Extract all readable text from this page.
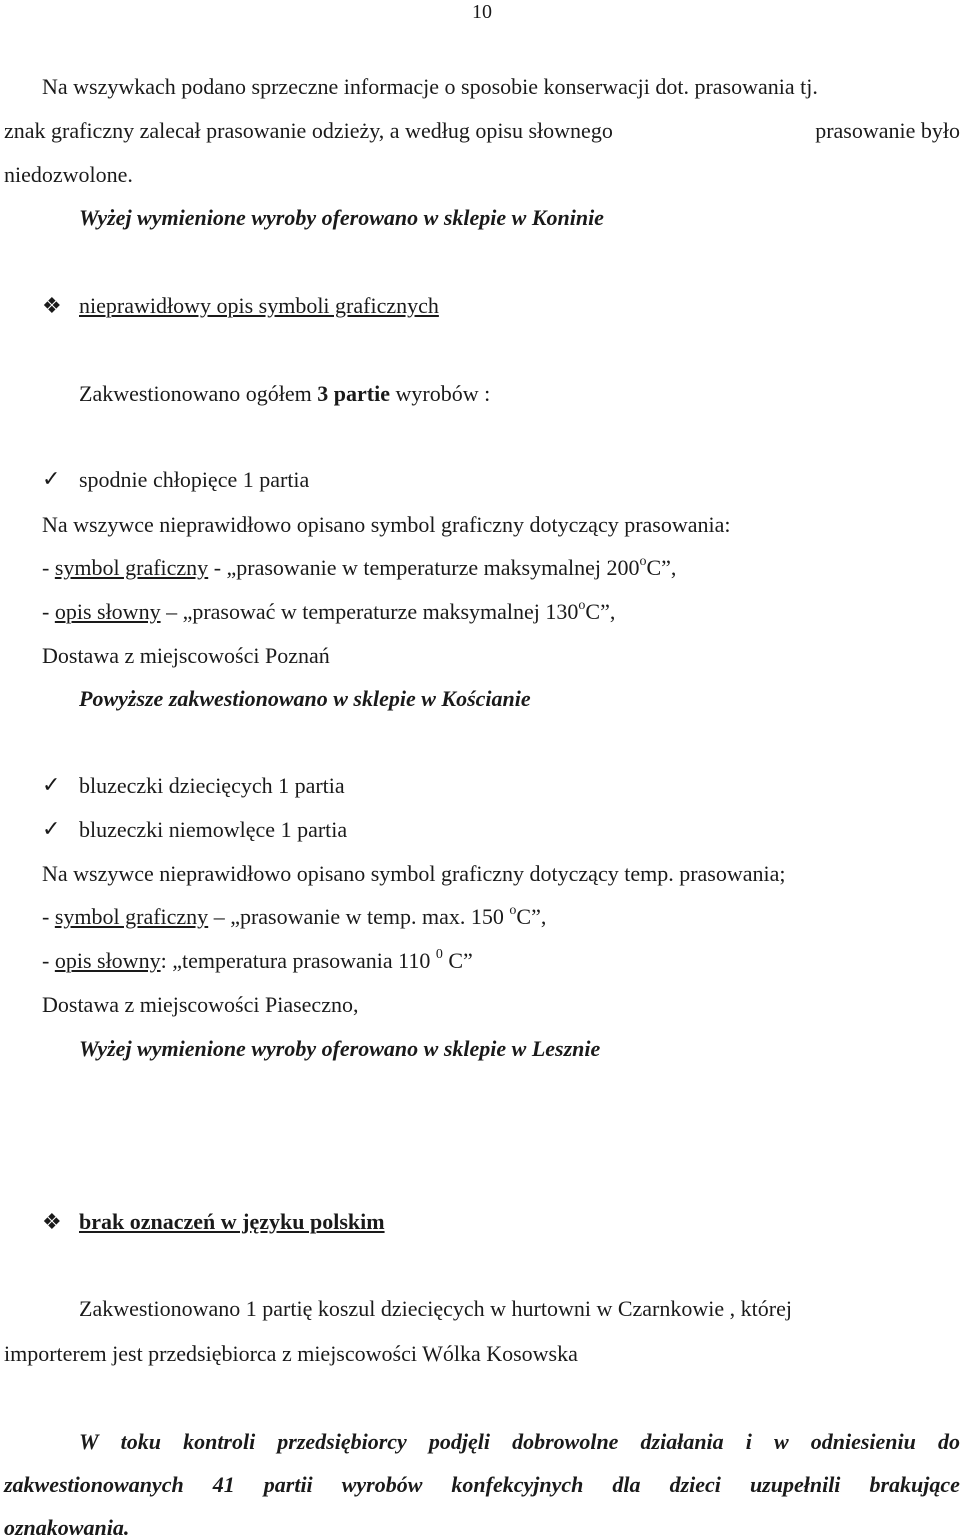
10
Na wszywkach podano sprzeczne informacje o sposobie konserwacji dot. prasowania tj.
znak graficzny zalecał prasowanie odzieży, a według opisu słownego	prasowanie było
niedozwolone.
Wyżej wymienione wyroby oferowano w sklepie w Koninie
❖ nieprawidłowy opis symboli graficznych
Zakwestionowano ogółem 3 partie wyrobów :
✓ spodnie chłopięce 1 partia
Na wszywce nieprawidłowo opisano symbol graficzny dotyczący prasowania:
- symbol graficzny - „prasowanie w temperaturze maksymalnej 200$^o$C”,
- opis słowny – „prasować w temperaturze maksymalnej 130$^o$C”,
Dostawa z miejscowości Poznań
Powyższe zakwestionowano w sklepie w Kościanie
✓ bluzeczki dziecięcych 1 partia
✓ bluzeczki niemowlęce 1 partia
Na wszywce nieprawidłowo opisano symbol graficzny dotyczący temp. prasowania;
- symbol graficzny – „prasowanie w temp. max. 150 $^o$C”,
- opis słowny: „temperatura prasowania 110 $^0$ C”
Dostawa z miejscowości Piaseczno,
Wyżej wymienione wyroby oferowano w sklepie w Lesznie
❖ brak oznaczeń w języku polskim
Zakwestionowano 1 partię koszul dziecięcych w hurtowni w Czarnkowie , której
importerem jest przedsiębiorca z miejscowości Wólka Kosowska
W toku kontroli przedsiębiorcy podjęli dobrowolne działania i w odniesieniu do
zakwestionowanych 41 partii wyrobów konfekcyjnych dla dzieci uzupełnili brakujące
oznakowania.
